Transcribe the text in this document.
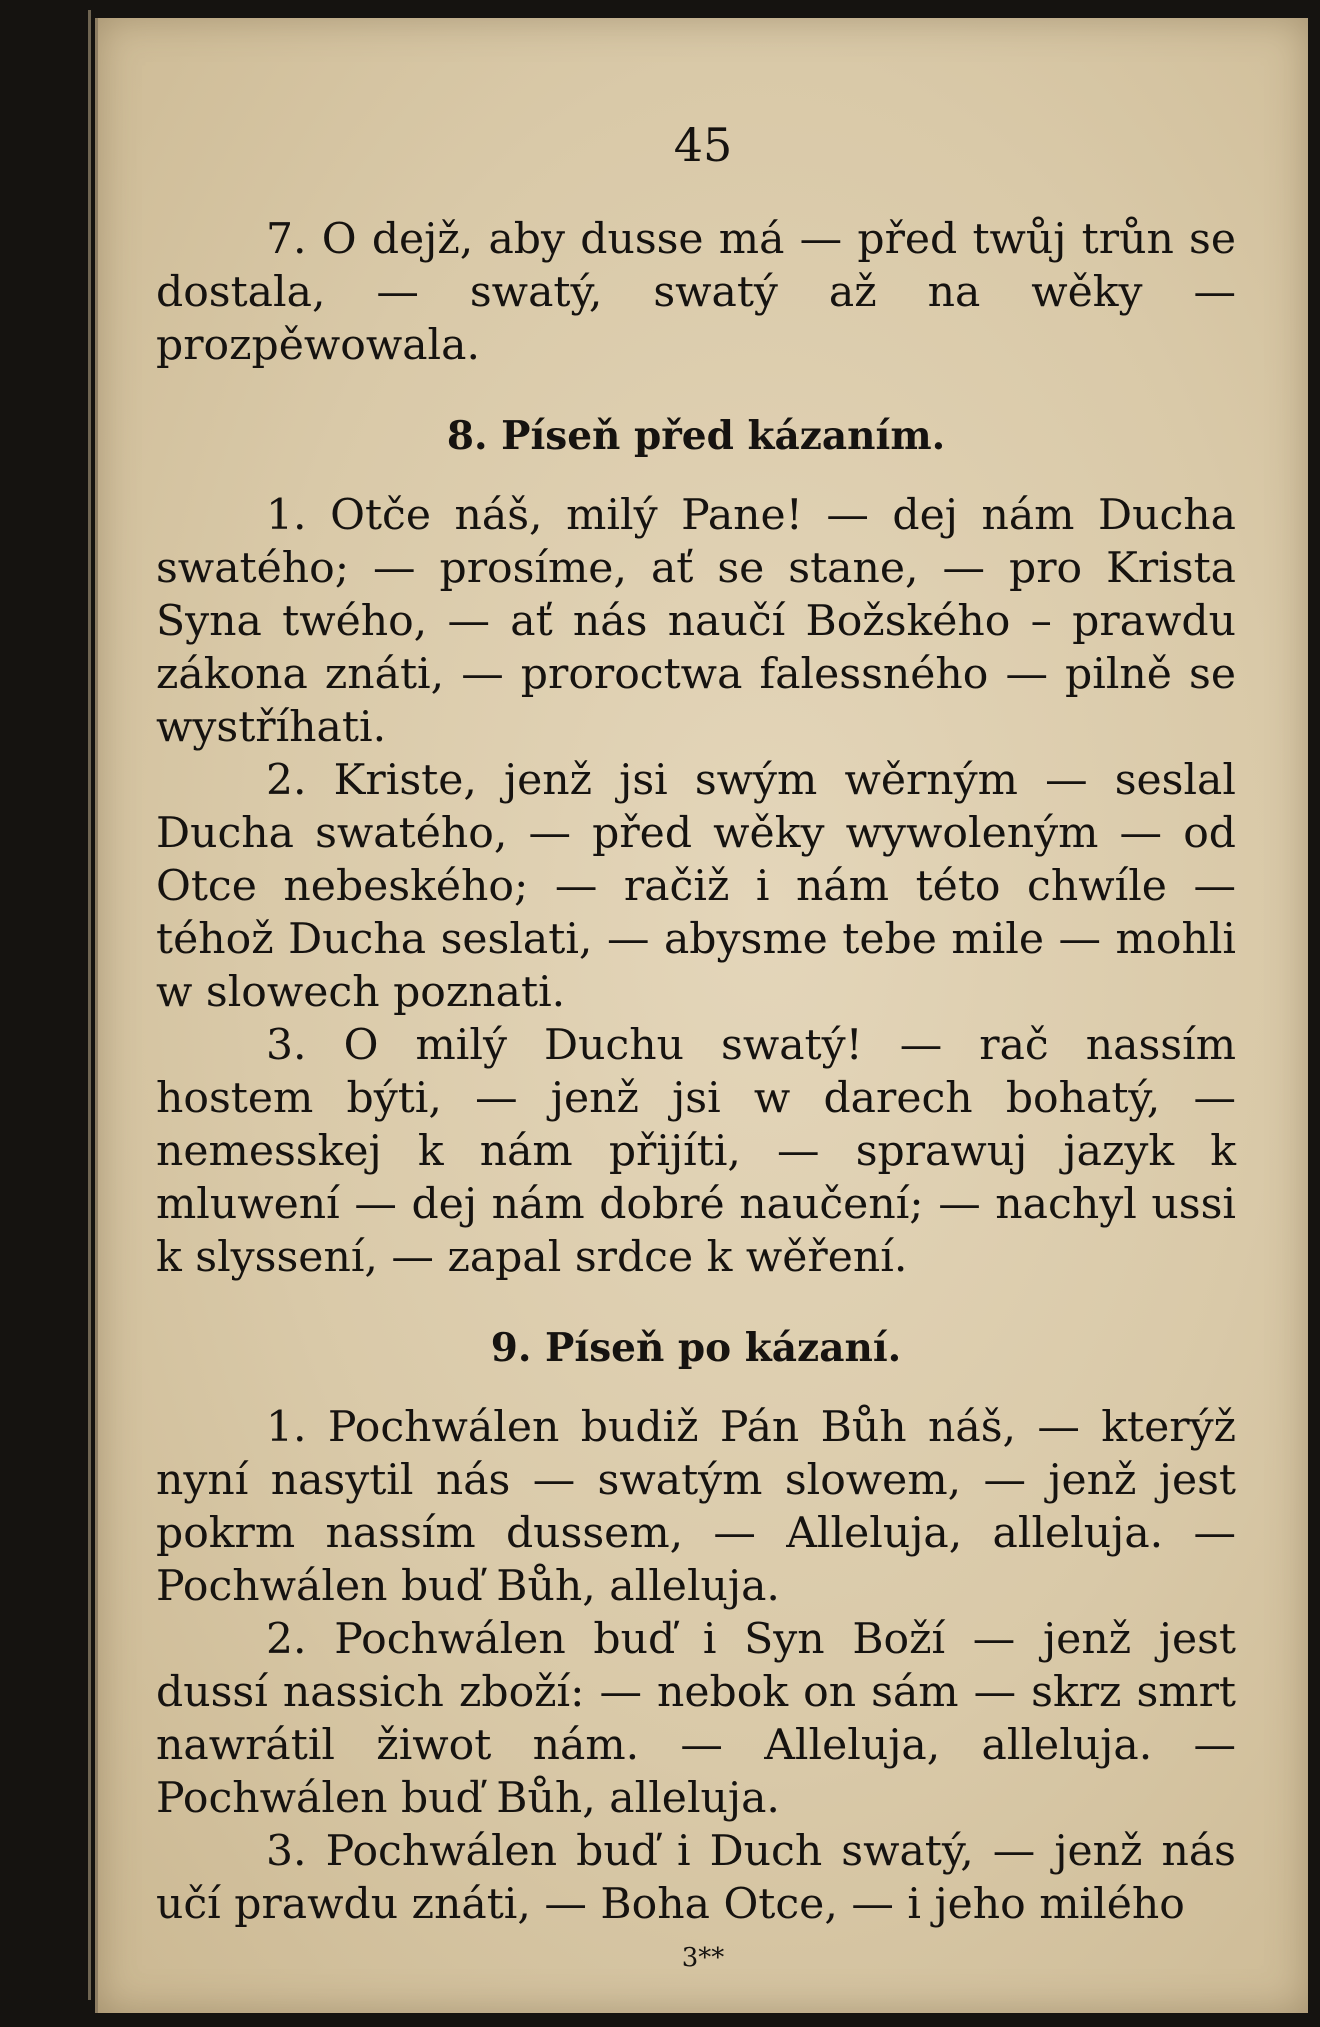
45

7. O dejž, aby dusse má — před twůj trůn se dostala, — swatý, swatý až na wěky — prozpěwowala.

8. Píseň před kázaním.

1. Otče náš, milý Pane! — dej nám Ducha swatého; — prosíme, ať se stane, — pro Krista Syna twého, — ať nás naučí Božského – prawdu zákona znáti, — proroctwa falessného — pilně se wystříhati.

2. Kriste, jenž jsi swým wěrným — seslal Ducha swatého, — před wěky wywoleným — od Otce nebeského; — račiž i nám této chwíle — téhož Ducha seslati, — abysme tebe mile — mohli w slowech poznati.

3. O milý Duchu swatý! — rač nassím hostem býti, — jenž jsi w darech bohatý, — nemesskej k nám přijíti, — sprawuj jazyk k mluwení — dej nám dobré naučení; — nachyl ussi k slyssení, — zapal srdce k wěření.

9. Píseň po kázaní.

1. Pochwálen budiž Pán Bůh náš, — kterýž nyní nasytil nás — swatým slowem, — jenž jest pokrm nassím dussem, — Alleluja, alleluja. — Pochwálen buď Bůh, alleluja.

2. Pochwálen buď i Syn Boží — jenž jest dussí nassich zboží: — nebok on sám — skrz smrt nawrátil žiwot nám. — Alleluja, alleluja. — Pochwálen buď Bůh, alleluja.

3. Pochwálen buď i Duch swatý, — jenž nás učí prawdu znáti, — Boha Otce, — i jeho milého

3**
